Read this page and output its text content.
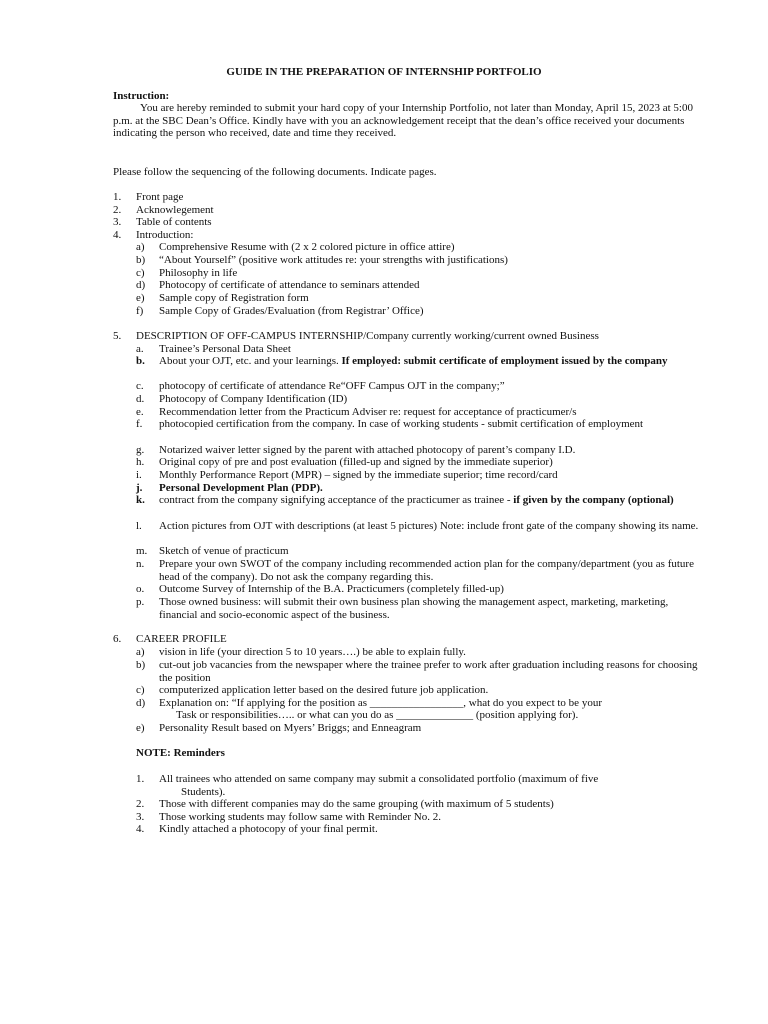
GUIDE IN THE PREPARATION OF INTERNSHIP PORTFOLIO
Instruction:
You are hereby reminded to submit your hard copy of your Internship Portfolio, not later than Monday, April 15, 2023 at 5:00 p.m. at the SBC Dean’s Office. Kindly have with you an acknowledgement receipt that the dean’s office received your documents indicating the person who received, date and time they received.
Please follow the sequencing of the following documents. Indicate pages.
1. Front page
2. Acknowlegement
3. Table of contents
4. Introduction:
a) Comprehensive Resume with (2 x 2 colored picture in office attire)
b) “About Yourself” (positive work attitudes re: your strengths with justifications)
c) Philosophy in life
d) Photocopy of certificate of attendance to seminars attended
e) Sample copy of Registration form
f) Sample Copy of Grades/Evaluation (from Registrar’ Office)
5. DESCRIPTION OF OFF-CAMPUS INTERNSHIP/Company currently working/current owned Business
a. Trainee’s Personal Data Sheet
b. About your OJT, etc. and your learnings. If employed: submit certificate of employment issued by the company
c. photocopy of certificate of attendance Re“OFF Campus OJT in the company;”
d. Photocopy of Company Identification (ID)
e. Recommendation letter from the Practicum Adviser re: request for acceptance of practicumer/s
f. photocopied certification from the company. In case of working students - submit certification of employment
g. Notarized waiver letter signed by the parent with attached photocopy of parent’s company I.D.
h. Original copy of pre and post evaluation (filled-up and signed by the immediate superior)
i. Monthly Performance Report (MPR) – signed by the immediate superior; time record/card
j. Personal Development Plan (PDP).
k. contract from the company signifying acceptance of the practicumer as trainee - if given by the company (optional)
l. Action pictures from OJT with descriptions (at least 5 pictures) Note: include front gate of the company showing its name.
m. Sketch of venue of practicum
n. Prepare your own SWOT of the company including recommended action plan for the company/department (you as future head of the company). Do not ask the company regarding this.
o. Outcome Survey of Internship of the B.A. Practicumers (completely filled-up)
p. Those owned business: will submit their own business plan showing the management aspect, marketing, marketing, financial and socio-economic aspect of the business.
6. CAREER PROFILE
a) vision in life (your direction 5 to 10 years….) be able to explain fully.
b) cut-out job vacancies from the newspaper where the trainee prefer to work after graduation including reasons for choosing the position
c) computerized application letter based on the desired future job application.
d) Explanation on: “If applying for the position as _________________, what do you expect to be your
Task or responsibilities….. or what can you do as ______________ (position applying for).
e) Personality Result based on Myers’ Briggs; and Enneagram
NOTE: Reminders
1. All trainees who attended on same company may submit a consolidated portfolio (maximum of five
Students).
2. Those with different companies may do the same grouping (with maximum of 5 students)
3. Those working students may follow same with Reminder No. 2.
4. Kindly attached a photocopy of your final permit.
